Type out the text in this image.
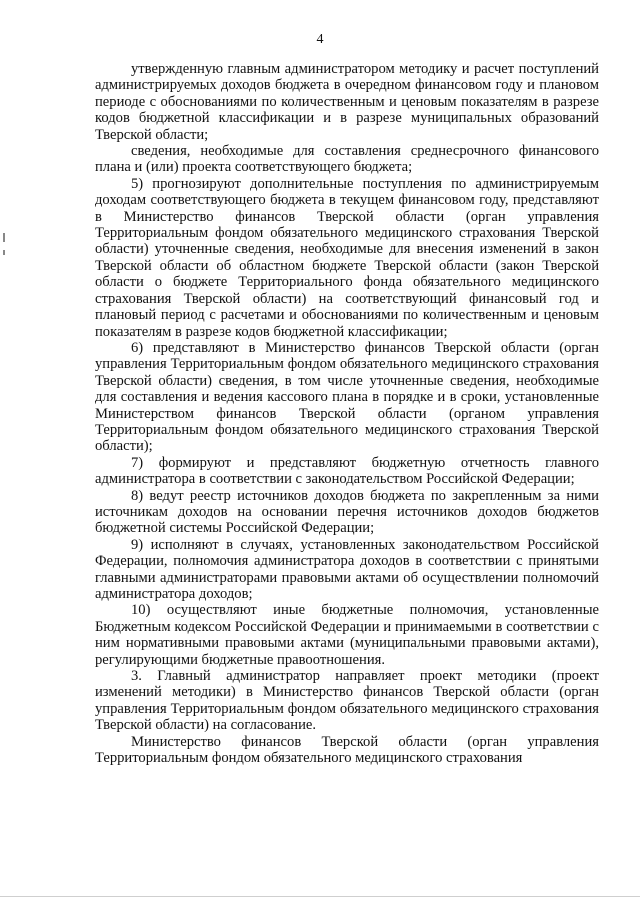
4

утвержденную главным администратором методику и расчет поступлений администрируемых доходов бюджета в очередном финансовом году и плановом периоде с обоснованиями по количественным и ценовым показателям в разрезе кодов бюджетной классификации и в разрезе муниципальных образований Тверской области;

сведения, необходимые для составления среднесрочного финансового плана и (или) проекта соответствующего бюджета;

5) прогнозируют дополнительные поступления по администрируемым доходам соответствующего бюджета в текущем финансовом году, представляют в Министерство финансов Тверской области (орган управления Территориальным фондом обязательного медицинского страхования Тверской области) уточненные сведения, необходимые для внесения изменений в закон Тверской области об областном бюджете Тверской области (закон Тверской области о бюджете Территориального фонда обязательного медицинского страхования Тверской области) на соответствующий финансовый год и плановый период с расчетами и обоснованиями по количественным и ценовым показателям в разрезе кодов бюджетной классификации;

6) представляют в Министерство финансов Тверской области (орган управления Территориальным фондом обязательного медицинского страхования Тверской области) сведения, в том числе уточненные сведения, необходимые для составления и ведения кассового плана в порядке и в сроки, установленные Министерством финансов Тверской области (органом управления Территориальным фондом обязательного медицинского страхования Тверской области);

7) формируют и представляют бюджетную отчетность главного администратора в соответствии с законодательством Российской Федерации;

8) ведут реестр источников доходов бюджета по закрепленным за ними источникам доходов на основании перечня источников доходов бюджетов бюджетной системы Российской Федерации;

9) исполняют в случаях, установленных законодательством Российской Федерации, полномочия администратора доходов в соответствии с принятыми главными администраторами правовыми актами об осуществлении полномочий администратора доходов;

10) осуществляют иные бюджетные полномочия, установленные Бюджетным кодексом Российской Федерации и принимаемыми в соответствии с ним нормативными правовыми актами (муниципальными правовыми актами), регулирующими бюджетные правоотношения.

3. Главный администратор направляет проект методики (проект изменений методики) в Министерство финансов Тверской области (орган управления Территориальным фондом обязательного медицинского страхования Тверской области) на согласование.

Министерство финансов Тверской области (орган управления Территориальным фондом обязательного медицинского страхования
